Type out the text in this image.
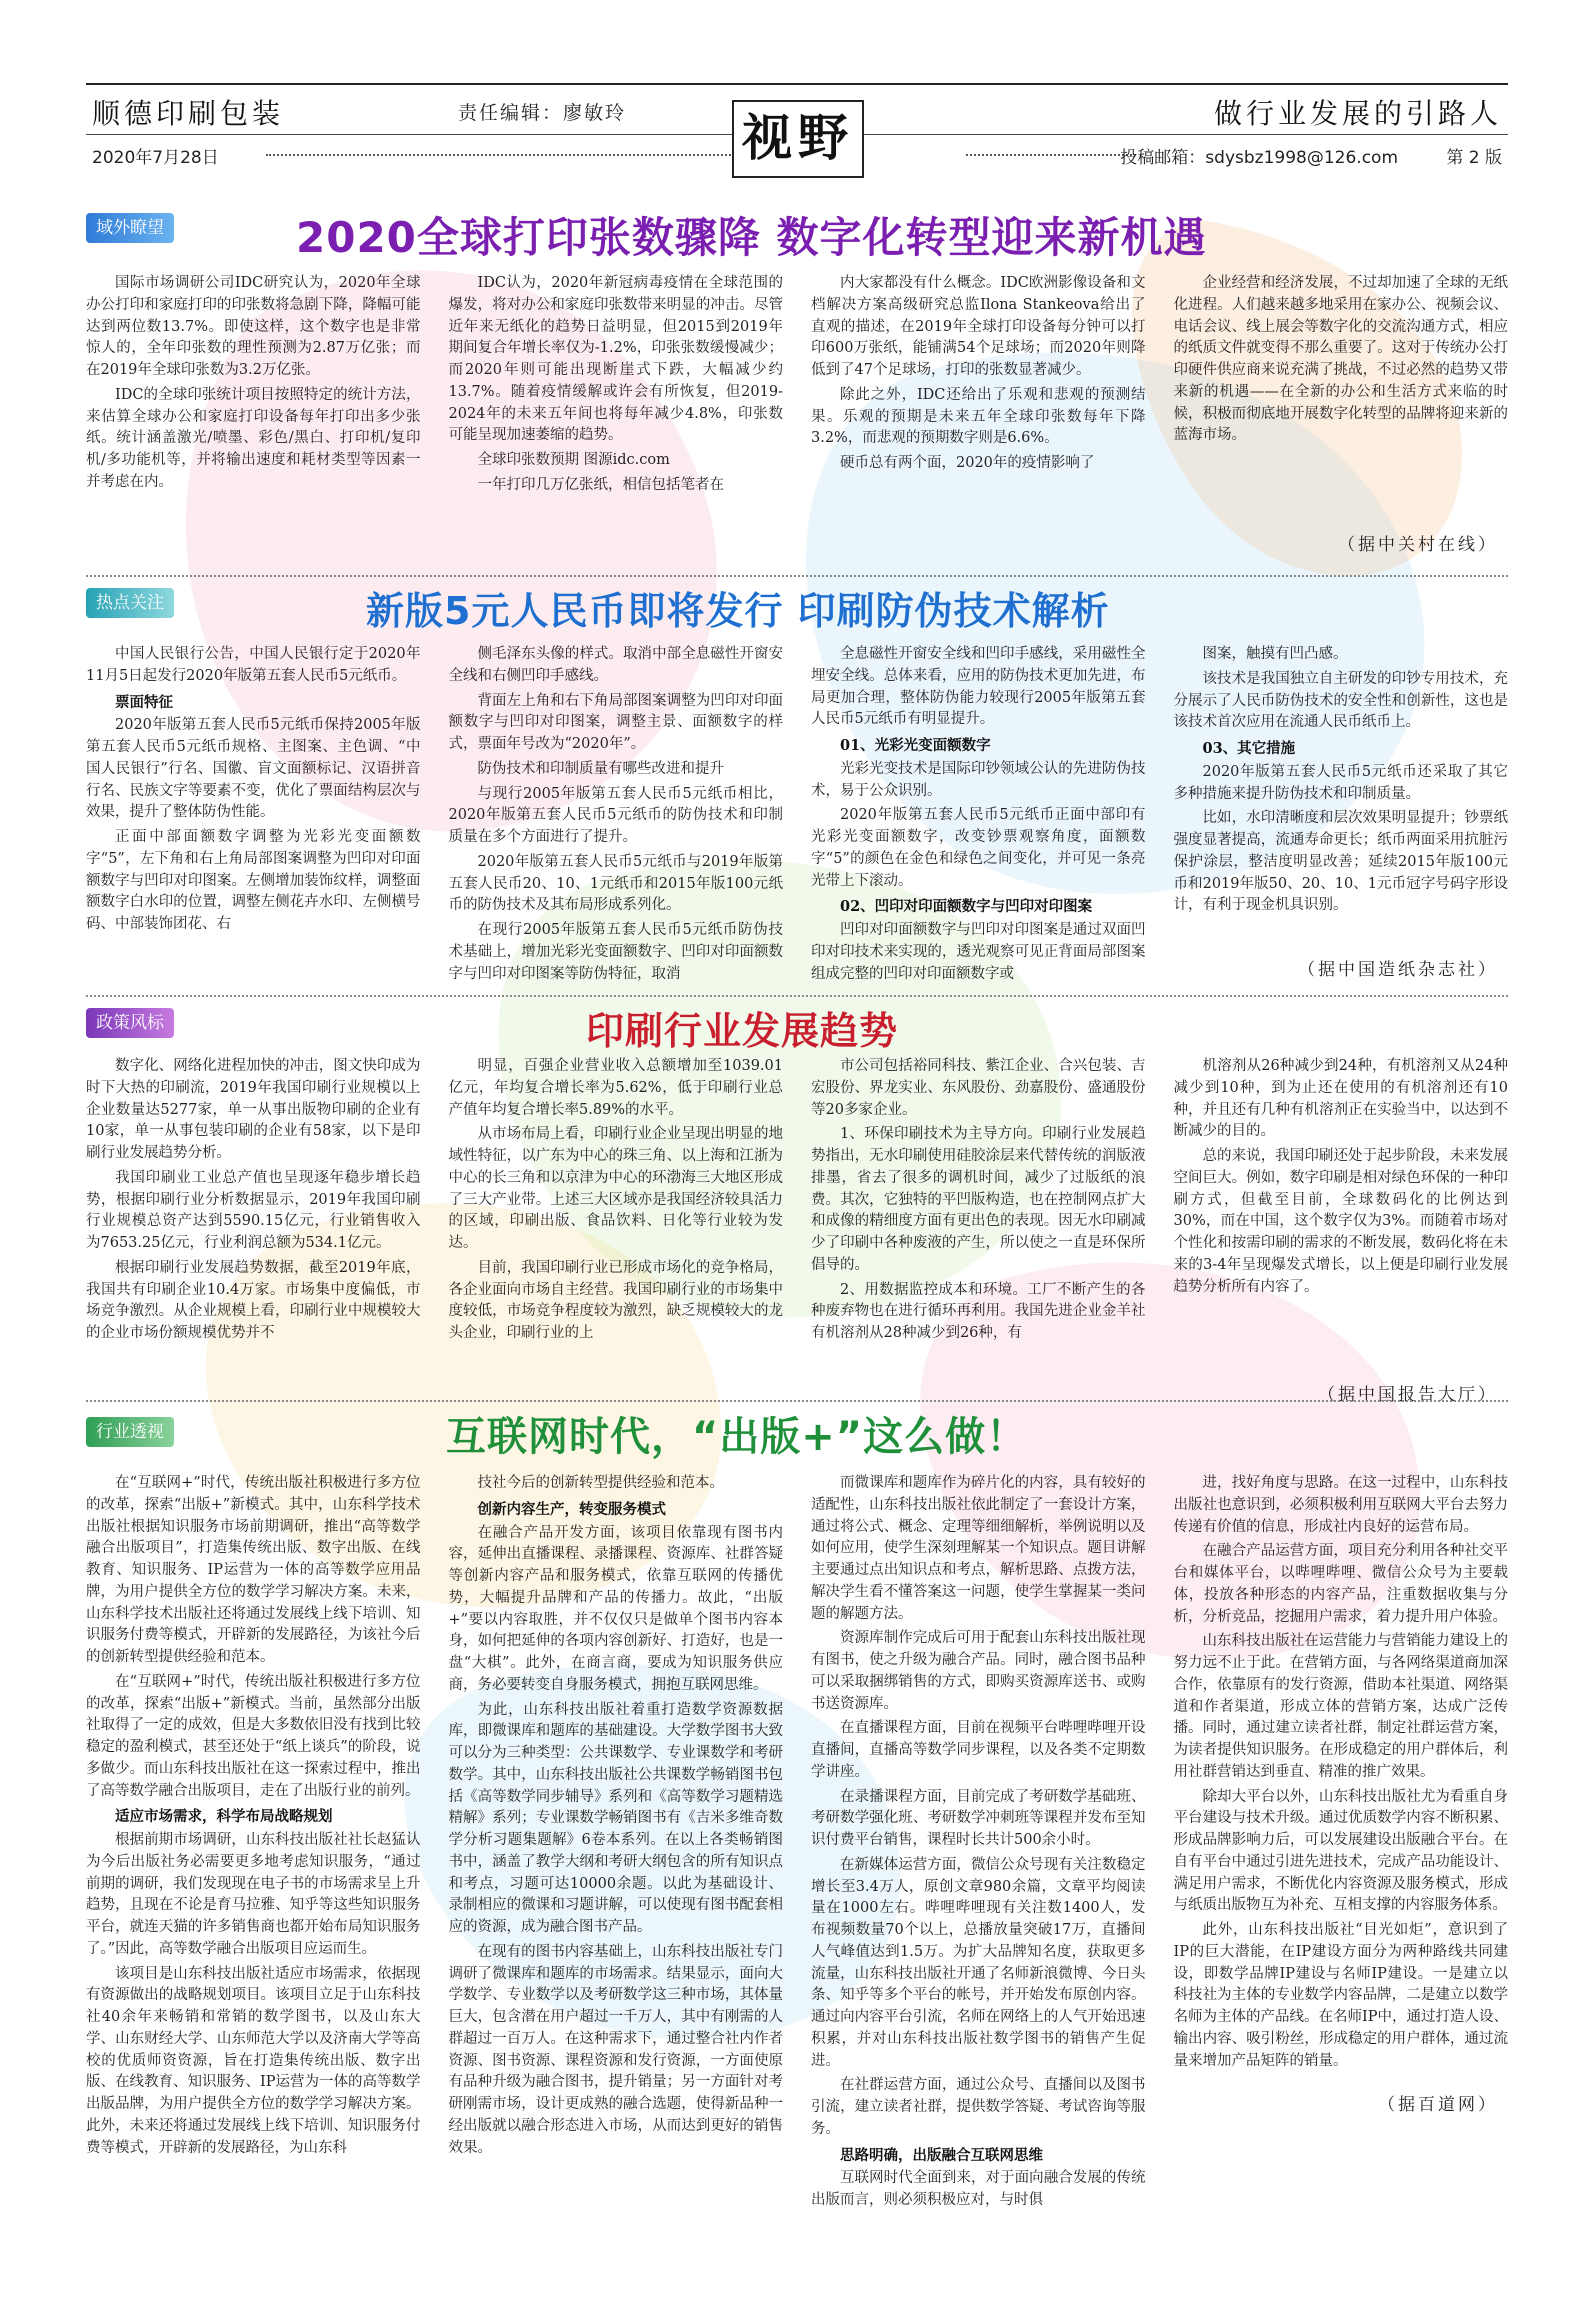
顺德印刷包装	责任编辑：廖敏玲	做行业发展的引路人
2020年7月28日	投稿邮箱：sdysbz1998@126.com	第 2 版
视野
域外瞭望	2020全球打印张数骤降 数字化转型迎来新机遇

国际市场调研公司IDC研究认为，2020年全球办公打印和家庭打印的印张数将急剧下降，降幅可能达到两位数13.7%。即使这样，这个数字也是非常惊人的，全年印张数的理性预测为2.87万亿张；而在2019年全球印张数为3.2万亿张。

IDC的全球印张统计项目按照特定的统计方法，来估算全球办公和家庭打印设备每年打印出多少张纸。统计涵盖激光/喷墨、彩色/黑白、打印机/复印机/多功能机等，并将输出速度和耗材类型等因素一并考虑在内。

IDC认为，2020年新冠病毒疫情在全球范围的爆发，将对办公和家庭印张数带来明显的冲击。尽管近年来无纸化的趋势日益明显，但2015到2019年期间复合年增长率仅为-1.2%，印张张数缓慢减少；而2020年则可能出现断崖式下跌，大幅减少约13.7%。随着疫情缓解或许会有所恢复，但2019-2024年的未来五年间也将每年减少4.8%，印张数可能呈现加速萎缩的趋势。

全球印张数预期 图源idc.com

一年打印几万亿张纸，相信包括笔者在

内大家都没有什么概念。IDC欧洲影像设备和文档解决方案高级研究总监Ilona Stankeova给出了直观的描述，在2019年全球打印设备每分钟可以打印600万张纸，能铺满54个足球场；而2020年则降低到了47个足球场，打印的张数显著减少。

除此之外，IDC还给出了乐观和悲观的预测结果。乐观的预期是未来五年全球印张数每年下降3.2%，而悲观的预期数字则是6.6%。

硬币总有两个面，2020年的疫情影响了

企业经营和经济发展，不过却加速了全球的无纸化进程。人们越来越多地采用在家办公、视频会议、电话会议、线上展会等数字化的交流沟通方式，相应的纸质文件就变得不那么重要了。这对于传统办公打印硬件供应商来说充满了挑战，不过必然的趋势又带来新的机遇——在全新的办公和生活方式来临的时候，积极而彻底地开展数字化转型的品牌将迎来新的蓝海市场。

（据中关村在线）
热点关注	新版5元人民币即将发行 印刷防伪技术解析

中国人民银行公告，中国人民银行定于2020年11月5日起发行2020年版第五套人民币5元纸币。

票面特征

2020年版第五套人民币5元纸币保持2005年版第五套人民币5元纸币规格、主图案、主色调、“中国人民银行”行名、国徽、盲文面额标记、汉语拼音行名、民族文字等要素不变，优化了票面结构层次与效果，提升了整体防伪性能。

正面中部面额数字调整为光彩光变面额数字“5”，左下角和右上角局部图案调整为凹印对印面额数字与凹印对印图案。左侧增加装饰纹样，调整面额数字白水印的位置，调整左侧花卉水印、左侧横号码、中部装饰团花、右

侧毛泽东头像的样式。取消中部全息磁性开窗安全线和右侧凹印手感线。

背面左上角和右下角局部图案调整为凹印对印面额数字与凹印对印图案，调整主景、面额数字的样式，票面年号改为“2020年”。

防伪技术和印制质量有哪些改进和提升

与现行2005年版第五套人民币5元纸币相比，2020年版第五套人民币5元纸币的防伪技术和印制质量在多个方面进行了提升。

2020年版第五套人民币5元纸币与2019年版第五套人民币20、10、1元纸币和2015年版100元纸币的防伪技术及其布局形成系列化。

在现行2005年版第五套人民币5元纸币防伪技术基础上，增加光彩光变面额数字、凹印对印面额数字与凹印对印图案等防伪特征，取消

全息磁性开窗安全线和凹印手感线，采用磁性全埋安全线。总体来看，应用的防伪技术更加先进，布局更加合理，整体防伪能力较现行2005年版第五套人民币5元纸币有明显提升。

01、光彩光变面额数字

光彩光变技术是国际印钞领域公认的先进防伪技术，易于公众识别。

2020年版第五套人民币5元纸币正面中部印有光彩光变面额数字，改变钞票观察角度，面额数字“5”的颜色在金色和绿色之间变化，并可见一条亮光带上下滚动。

02、凹印对印面额数字与凹印对印图案

凹印对印面额数字与凹印对印图案是通过双面凹印对印技术来实现的，透光观察可见正背面局部图案组成完整的凹印对印面额数字或

图案，触摸有凹凸感。

该技术是我国独立自主研发的印钞专用技术，充分展示了人民币防伪技术的安全性和创新性，这也是该技术首次应用在流通人民币纸币上。

03、其它措施

2020年版第五套人民币5元纸币还采取了其它多种措施来提升防伪技术和印制质量。

比如，水印清晰度和层次效果明显提升；钞票纸强度显著提高，流通寿命更长；纸币两面采用抗脏污保护涂层，整洁度明显改善；延续2015年版100元币和2019年版50、20、10、1元币冠字号码字形设计，有利于现金机具识别。

（据中国造纸杂志社）
政策风标	印刷行业发展趋势

数字化、网络化进程加快的冲击，图文快印成为时下大热的印刷流，2019年我国印刷行业规模以上企业数量达5277家，单一从事出版物印刷的企业有10家，单一从事包装印刷的企业有58家，以下是印刷行业发展趋势分析。

我国印刷业工业总产值也呈现逐年稳步增长趋势，根据印刷行业分析数据显示，2019年我国印刷行业规模总资产达到5590.15亿元，行业销售收入为7653.25亿元，行业利润总额为534.1亿元。

根据印刷行业发展趋势数据，截至2019年底，我国共有印刷企业10.4万家。市场集中度偏低，市场竞争激烈。从企业规模上看，印刷行业中规模较大的企业市场份额规模优势并不

明显，百强企业营业收入总额增加至1039.01亿元，年均复合增长率为5.62%，低于印刷行业总产值年均复合增长率5.89%的水平。

从市场布局上看，印刷行业企业呈现出明显的地域性特征，以广东为中心的珠三角、以上海和江浙为中心的长三角和以京津为中心的环渤海三大地区形成了三大产业带。上述三大区域亦是我国经济较具活力的区域，印刷出版、食品饮料、日化等行业较为发达。

目前，我国印刷行业已形成市场化的竞争格局，各企业面向市场自主经营。我国印刷行业的市场集中度较低，市场竞争程度较为激烈，缺乏规模较大的龙头企业，印刷行业的上

市公司包括裕同科技、紫江企业、合兴包装、吉宏股份、界龙实业、东风股份、劲嘉股份、盛通股份等20多家企业。

1、环保印刷技术为主导方向。印刷行业发展趋势指出，无水印刷使用硅胶涂层来代替传统的润版液排墨，省去了很多的调机时间，减少了过版纸的浪费。其次，它独特的平凹版构造，也在控制网点扩大和成像的精细度方面有更出色的表现。因无水印刷减少了印刷中各种废液的产生，所以使之一直是环保所倡导的。

2、用数据监控成本和环境。工厂不断产生的各种废弃物也在进行循环再利用。我国先进企业金羊社有机溶剂从28种减少到26种，有

机溶剂从26种减少到24种，有机溶剂又从24种减少到10种，到为止还在使用的有机溶剂还有10种，并且还有几种有机溶剂正在实验当中，以达到不断减少的目的。

总的来说，我国印刷还处于起步阶段，未来发展空间巨大。例如，数字印刷是相对绿色环保的一种印刷方式，但截至目前，全球数码化的比例达到30%，而在中国，这个数字仅为3%。而随着市场对个性化和按需印刷的需求的不断发展，数码化将在未来的3-4年呈现爆发式增长，以上便是印刷行业发展趋势分析所有内容了。

（据中国报告大厅）
行业透视	互联网时代，“出版+”这么做！

在“互联网+”时代，传统出版社积极进行多方位的改革，探索“出版+”新模式。其中，山东科学技术出版社根据知识服务市场前期调研，推出“高等数学融合出版项目”，打造集传统出版、数字出版、在线教育、知识服务、IP运营为一体的高等数学应用品牌，为用户提供全方位的数学学习解决方案。未来，山东科学技术出版社还将通过发展线上线下培训、知识服务付费等模式，开辟新的发展路径，为该社今后的创新转型提供经验和范本。

在“互联网+”时代，传统出版社积极进行多方位的改革，探索“出版+”新模式。当前，虽然部分出版社取得了一定的成效，但是大多数依旧没有找到比较稳定的盈利模式，甚至还处于“纸上谈兵”的阶段，说多做少。而山东科技出版社在这一探索过程中，推出了高等数学融合出版项目，走在了出版行业的前列。

适应市场需求，科学布局战略规划

根据前期市场调研，山东科技出版社社长赵猛认为今后出版社务必需要更多地考虑知识服务，“通过前期的调研，我们发现现在电子书的市场需求呈上升趋势，且现在不论是育马拉雅、知乎等这些知识服务平台，就连天猫的许多销售商也都开始布局知识服务了。”因此，高等数学融合出版项目应运而生。

该项目是山东科技出版社适应市场需求，依据现有资源做出的战略规划项目。该项目立足于山东科技社40余年来畅销和常销的数学图书，以及山东大学、山东财经大学、山东师范大学以及济南大学等高校的优质师资资源，旨在打造集传统出版、数字出版、在线教育、知识服务、IP运营为一体的高等数学出版品牌，为用户提供全方位的数学学习解决方案。此外，未来还将通过发展线上线下培训、知识服务付费等模式，开辟新的发展路径，为山东科

技社今后的创新转型提供经验和范本。

创新内容生产，转变服务模式

在融合产品开发方面，该项目依靠现有图书内容，延伸出直播课程、录播课程、资源库、社群答疑等创新内容产品和服务模式，依靠互联网的传播优势，大幅提升品牌和产品的传播力。故此，“出版+”要以内容取胜，并不仅仅只是做单个图书内容本身，如何把延伸的各项内容创新好、打造好，也是一盘“大棋”。此外，在商言商，要成为知识服务供应商，务必要转变自身服务模式，拥抱互联网思维。

为此，山东科技出版社着重打造数学资源数据库，即微课库和题库的基础建设。大学数学图书大致可以分为三种类型：公共课数学、专业课数学和考研数学。其中，山东科技出版社公共课数学畅销图书包括《高等数学同步辅导》系列和《高等数学习题精选精解》系列；专业课数学畅销图书有《吉米多维奇数学分析习题集题解》6卷本系列。在以上各类畅销图书中，涵盖了教学大纲和考研大纲包含的所有知识点和考点，习题可达10000余题。以此为基础设计、录制相应的微课和习题讲解，可以使现有图书配套相应的资源，成为融合图书产品。

在现有的图书内容基础上，山东科技出版社专门调研了微课库和题库的市场需求。结果显示，面向大学数学、专业数学以及考研数学这三种市场，其体量巨大，包含潜在用户超过一千万人，其中有刚需的人群超过一百万人。在这种需求下，通过整合社内作者资源、图书资源、课程资源和发行资源，一方面使原有品种升级为融合图书，提升销量；另一方面针对考研刚需市场，设计更成熟的融合选题，使得新品种一经出版就以融合形态进入市场，从而达到更好的销售效果。

而微课库和题库作为碎片化的内容，具有较好的适配性，山东科技出版社依此制定了一套设计方案，通过将公式、概念、定理等细细解析，举例说明以及如何应用，使学生深刻理解某一个知识点。题目讲解主要通过点出知识点和考点，解析思路、点拨方法，解决学生看不懂答案这一问题，使学生掌握某一类问题的解题方法。

资源库制作完成后可用于配套山东科技出版社现有图书，使之升级为融合产品。同时，融合图书品种可以采取捆绑销售的方式，即购买资源库送书、或购书送资源库。

在直播课程方面，目前在视频平台哔哩哔哩开设直播间，直播高等数学同步课程，以及各类不定期数学讲座。

在录播课程方面，目前完成了考研数学基础班、考研数学强化班、考研数学冲刺班等课程并发布至知识付费平台销售，课程时长共计500余小时。

在新媒体运营方面，微信公众号现有关注数稳定增长至3.4万人，原创文章980余篇，文章平均阅读量在1000左右。哔哩哔哩现有关注数1400人，发布视频数量70个以上，总播放量突破17万，直播间人气峰值达到1.5万。为扩大品牌知名度，获取更多流量，山东科技出版社开通了名师新浪微博、今日头条、知乎等多个平台的帐号，并开始发布原创内容。通过向内容平台引流，名师在网络上的人气开始迅速积累，并对山东科技出版社数学图书的销售产生促进。

在社群运营方面，通过公众号、直播间以及图书引流，建立读者社群，提供数学答疑、考试咨询等服务。

思路明确，出版融合互联网思维

互联网时代全面到来，对于面向融合发展的传统出版而言，则必须积极应对，与时俱

进，找好角度与思路。在这一过程中，山东科技出版社也意识到，必须积极利用互联网大平台去努力传递有价值的信息，形成社内良好的运营布局。

在融合产品运营方面，项目充分利用各种社交平台和媒体平台，以哔哩哔哩、微信公众号为主要载体，投放各种形态的内容产品，注重数据收集与分析，分析竞品，挖掘用户需求，着力提升用户体验。

山东科技出版社在运营能力与营销能力建设上的努力远不止于此。在营销方面，与各网络渠道商加深合作，依靠原有的发行资源，借助本社渠道、网络渠道和作者渠道，形成立体的营销方案，达成广泛传播。同时，通过建立读者社群，制定社群运营方案，为读者提供知识服务。在形成稳定的用户群体后，利用社群营销达到垂直、精准的推广效果。

除却大平台以外，山东科技出版社尤为看重自身平台建设与技术升级。通过优质数学内容不断积累、形成品牌影响力后，可以发展建设出版融合平台。在自有平台中通过引进先进技术，完成产品功能设计、满足用户需求，不断优化内容资源及服务模式，形成与纸质出版物互为补充、互相支撑的内容服务体系。

此外，山东科技出版社“目光如炬”，意识到了IP的巨大潜能，在IP建设方面分为两种路线共同建设，即数学品牌IP建设与名师IP建设。一是建立以科技社为主体的专业数学内容品牌，二是建立以数学名师为主体的产品线。在名师IP中，通过打造人设、输出内容、吸引粉丝，形成稳定的用户群体，通过流量来增加产品矩阵的销量。

（据百道网）
